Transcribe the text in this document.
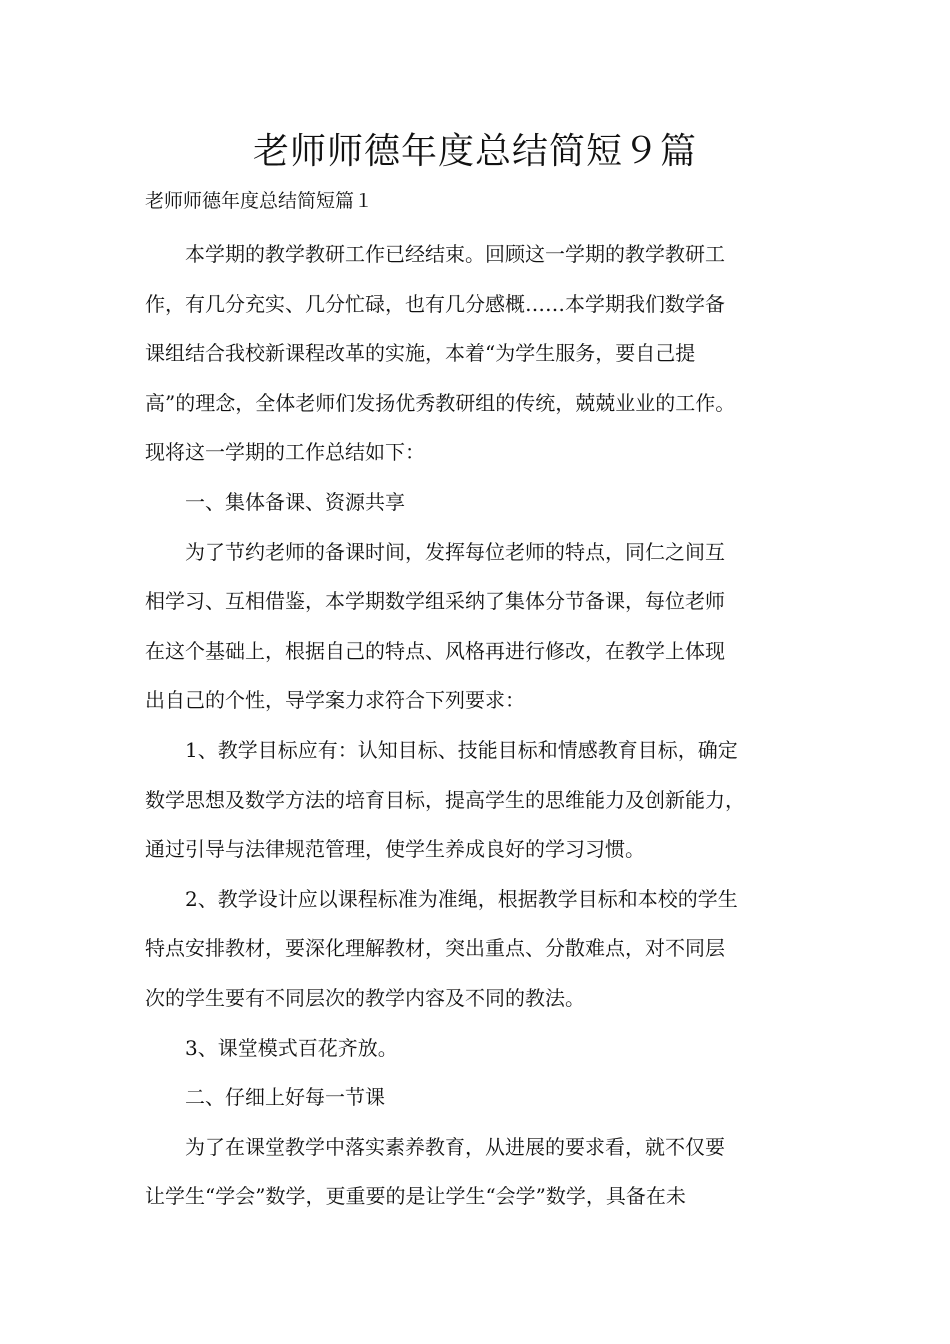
老师师德年度总结简短９篇
老师师德年度总结简短篇１

本学期的教学教研工作已经结束。回顾这一学期的教学教研工
作，有几分充实、几分忙碌，也有几分感概……本学期我们数学备
课组结合我校新课程改革的实施，本着“为学生服务，要自己提
高”的理念，全体老师们发扬优秀教研组的传统，兢兢业业的工作。
现将这一学期的工作总结如下：

一、集体备课、资源共享

为了节约老师的备课时间，发挥每位老师的特点，同仁之间互
相学习、互相借鉴，本学期数学组采纳了集体分节备课，每位老师
在这个基础上，根据自己的特点、风格再进行修改，在教学上体现
出自己的个性，导学案力求符合下列要求：

1、教学目标应有：认知目标、技能目标和情感教育目标，确定
数学思想及数学方法的培育目标，提高学生的思维能力及创新能力，
通过引导与法律规范管理，使学生养成良好的学习习惯。

2、教学设计应以课程标准为准绳，根据教学目标和本校的学生
特点安排教材，要深化理解教材，突出重点、分散难点，对不同层
次的学生要有不同层次的教学内容及不同的教法。

3、课堂模式百花齐放。

二、仔细上好每一节课

为了在课堂教学中落实素养教育，从进展的要求看，就不仅要
让学生“学会”数学，更重要的是让学生“会学”数学，具备在未
